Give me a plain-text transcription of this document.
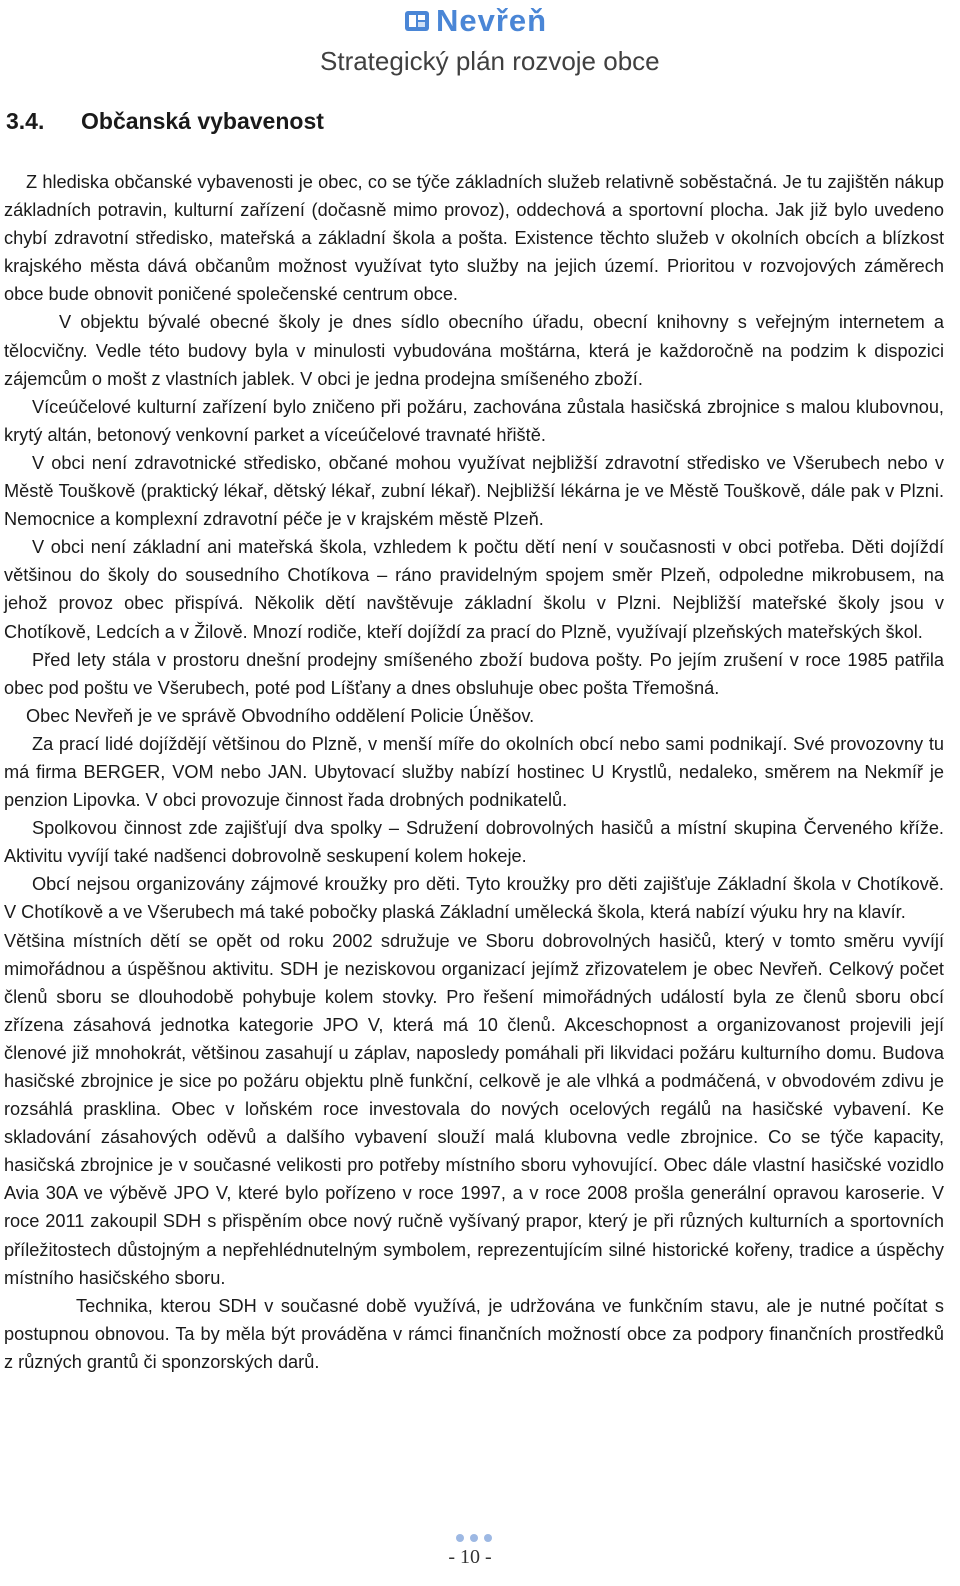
Nevřeň
Strategický plán rozvoje obce
3.4. Občanská vybavenost

Z hlediska občanské vybavenosti je obec, co se týče základních služeb relativně soběstačná. Je tu zajištěn nákup základních potravin, kulturní zařízení (dočasně mimo provoz), oddechová a sportovní plocha. Jak již bylo uvedeno chybí zdravotní středisko, mateřská a základní škola a pošta. Existence těchto služeb v okolních obcích a blízkost krajského města dává občanům možnost využívat tyto služby na jejich území. Prioritou v rozvojových záměrech obce bude obnovit poničené společenské centrum obce.

V objektu bývalé obecné školy je dnes sídlo obecního úřadu, obecní knihovny s veřejným internetem a tělocvičny. Vedle této budovy byla v minulosti vybudována moštárna, která je každoročně na podzim k dispozici zájemcům o mošt z vlastních jablek. V obci je jedna prodejna smíšeného zboží.

Víceúčelové kulturní zařízení bylo zničeno při požáru, zachována zůstala hasičská zbrojnice s malou klubovnou, krytý altán, betonový venkovní parket a víceúčelové travnaté hřiště.

V obci není zdravotnické středisko, občané mohou využívat nejbližší zdravotní středisko ve Všerubech nebo v Městě Touškově (praktický lékař, dětský lékař, zubní lékař). Nejbližší lékárna je ve Městě Touškově, dále pak v Plzni. Nemocnice a komplexní zdravotní péče je v krajském městě Plzeň.

V obci není základní ani mateřská škola, vzhledem k počtu dětí není v současnosti v obci potřeba. Děti dojíždí většinou do školy do sousedního Chotíkova – ráno pravidelným spojem směr Plzeň, odpoledne mikrobusem, na jehož provoz obec přispívá. Několik dětí navštěvuje základní školu v Plzni. Nejbližší mateřské školy jsou v Chotíkově, Ledcích a v Žilově. Mnozí rodiče, kteří dojíždí za prací do Plzně, využívají plzeňských mateřských škol.

Před lety stála v prostoru dnešní prodejny smíšeného zboží budova pošty. Po jejím zrušení v roce 1985 patřila obec pod poštu ve Všerubech, poté pod Líšťany a dnes obsluhuje obec pošta Třemošná.

Obec Nevřeň je ve správě Obvodního oddělení Policie Úněšov.

Za prací lidé dojíždějí většinou do Plzně, v menší míře do okolních obcí nebo sami podnikají. Své provozovny tu má firma BERGER, VOM nebo JAN. Ubytovací služby nabízí hostinec U Krystlů, nedaleko, směrem na Nekmíř je penzion Lipovka. V obci provozuje činnost řada drobných podnikatelů.

Spolkovou činnost zde zajišťují dva spolky – Sdružení dobrovolných hasičů a místní skupina Červeného kříže. Aktivitu vyvíjí také nadšenci dobrovolně seskupení kolem hokeje.

Obcí nejsou organizovány zájmové kroužky pro děti. Tyto kroužky pro děti zajišťuje Základní škola v Chotíkově. V Chotíkově a ve Všerubech má také pobočky plaská Základní umělecká škola, která nabízí výuku hry na klavír.

Většina místních dětí se opět od roku 2002 sdružuje ve Sboru dobrovolných hasičů, který v tomto směru vyvíjí mimořádnou a úspěšnou aktivitu. SDH je neziskovou organizací jejímž zřizovatelem je obec Nevřeň. Celkový počet členů sboru se dlouhodobě pohybuje kolem stovky. Pro řešení mimořádných událostí byla ze členů sboru obcí zřízena zásahová jednotka kategorie JPO V, která má 10 členů. Akceschopnost a organizovanost projevili její členové již mnohokrát, většinou zasahují u záplav, naposledy pomáhali při likvidaci požáru kulturního domu. Budova hasičské zbrojnice je sice po požáru objektu plně funkční, celkově je ale vlhká a podmáčená, v obvodovém zdivu je rozsáhlá prasklina. Obec v loňském roce investovala do nových ocelových regálů na hasičské vybavení. Ke skladování zásahových oděvů a dalšího vybavení slouží malá klubovna vedle zbrojnice. Co se týče kapacity, hasičská zbrojnice je v současné velikosti pro potřeby místního sboru vyhovující. Obec dále vlastní hasičské vozidlo Avia 30A ve výběvě JPO V, které bylo pořízeno v roce 1997, a v roce 2008 prošla generální opravou karoserie. V roce 2011 zakoupil SDH s přispěním obce nový ručně vyšívaný prapor, který je při různých kulturních a sportovních příležitostech důstojným a nepřehlédnutelným symbolem, reprezentujícím silné historické kořeny, tradice a úspěchy místního hasičského sboru.

Technika, kterou SDH v současné době využívá, je udržována ve funkčním stavu, ale je nutné počítat s postupnou obnovou. Ta by měla být prováděna v rámci finančních možností obce za podpory finančních prostředků z různých grantů či sponzorských darů.

- 10 -
